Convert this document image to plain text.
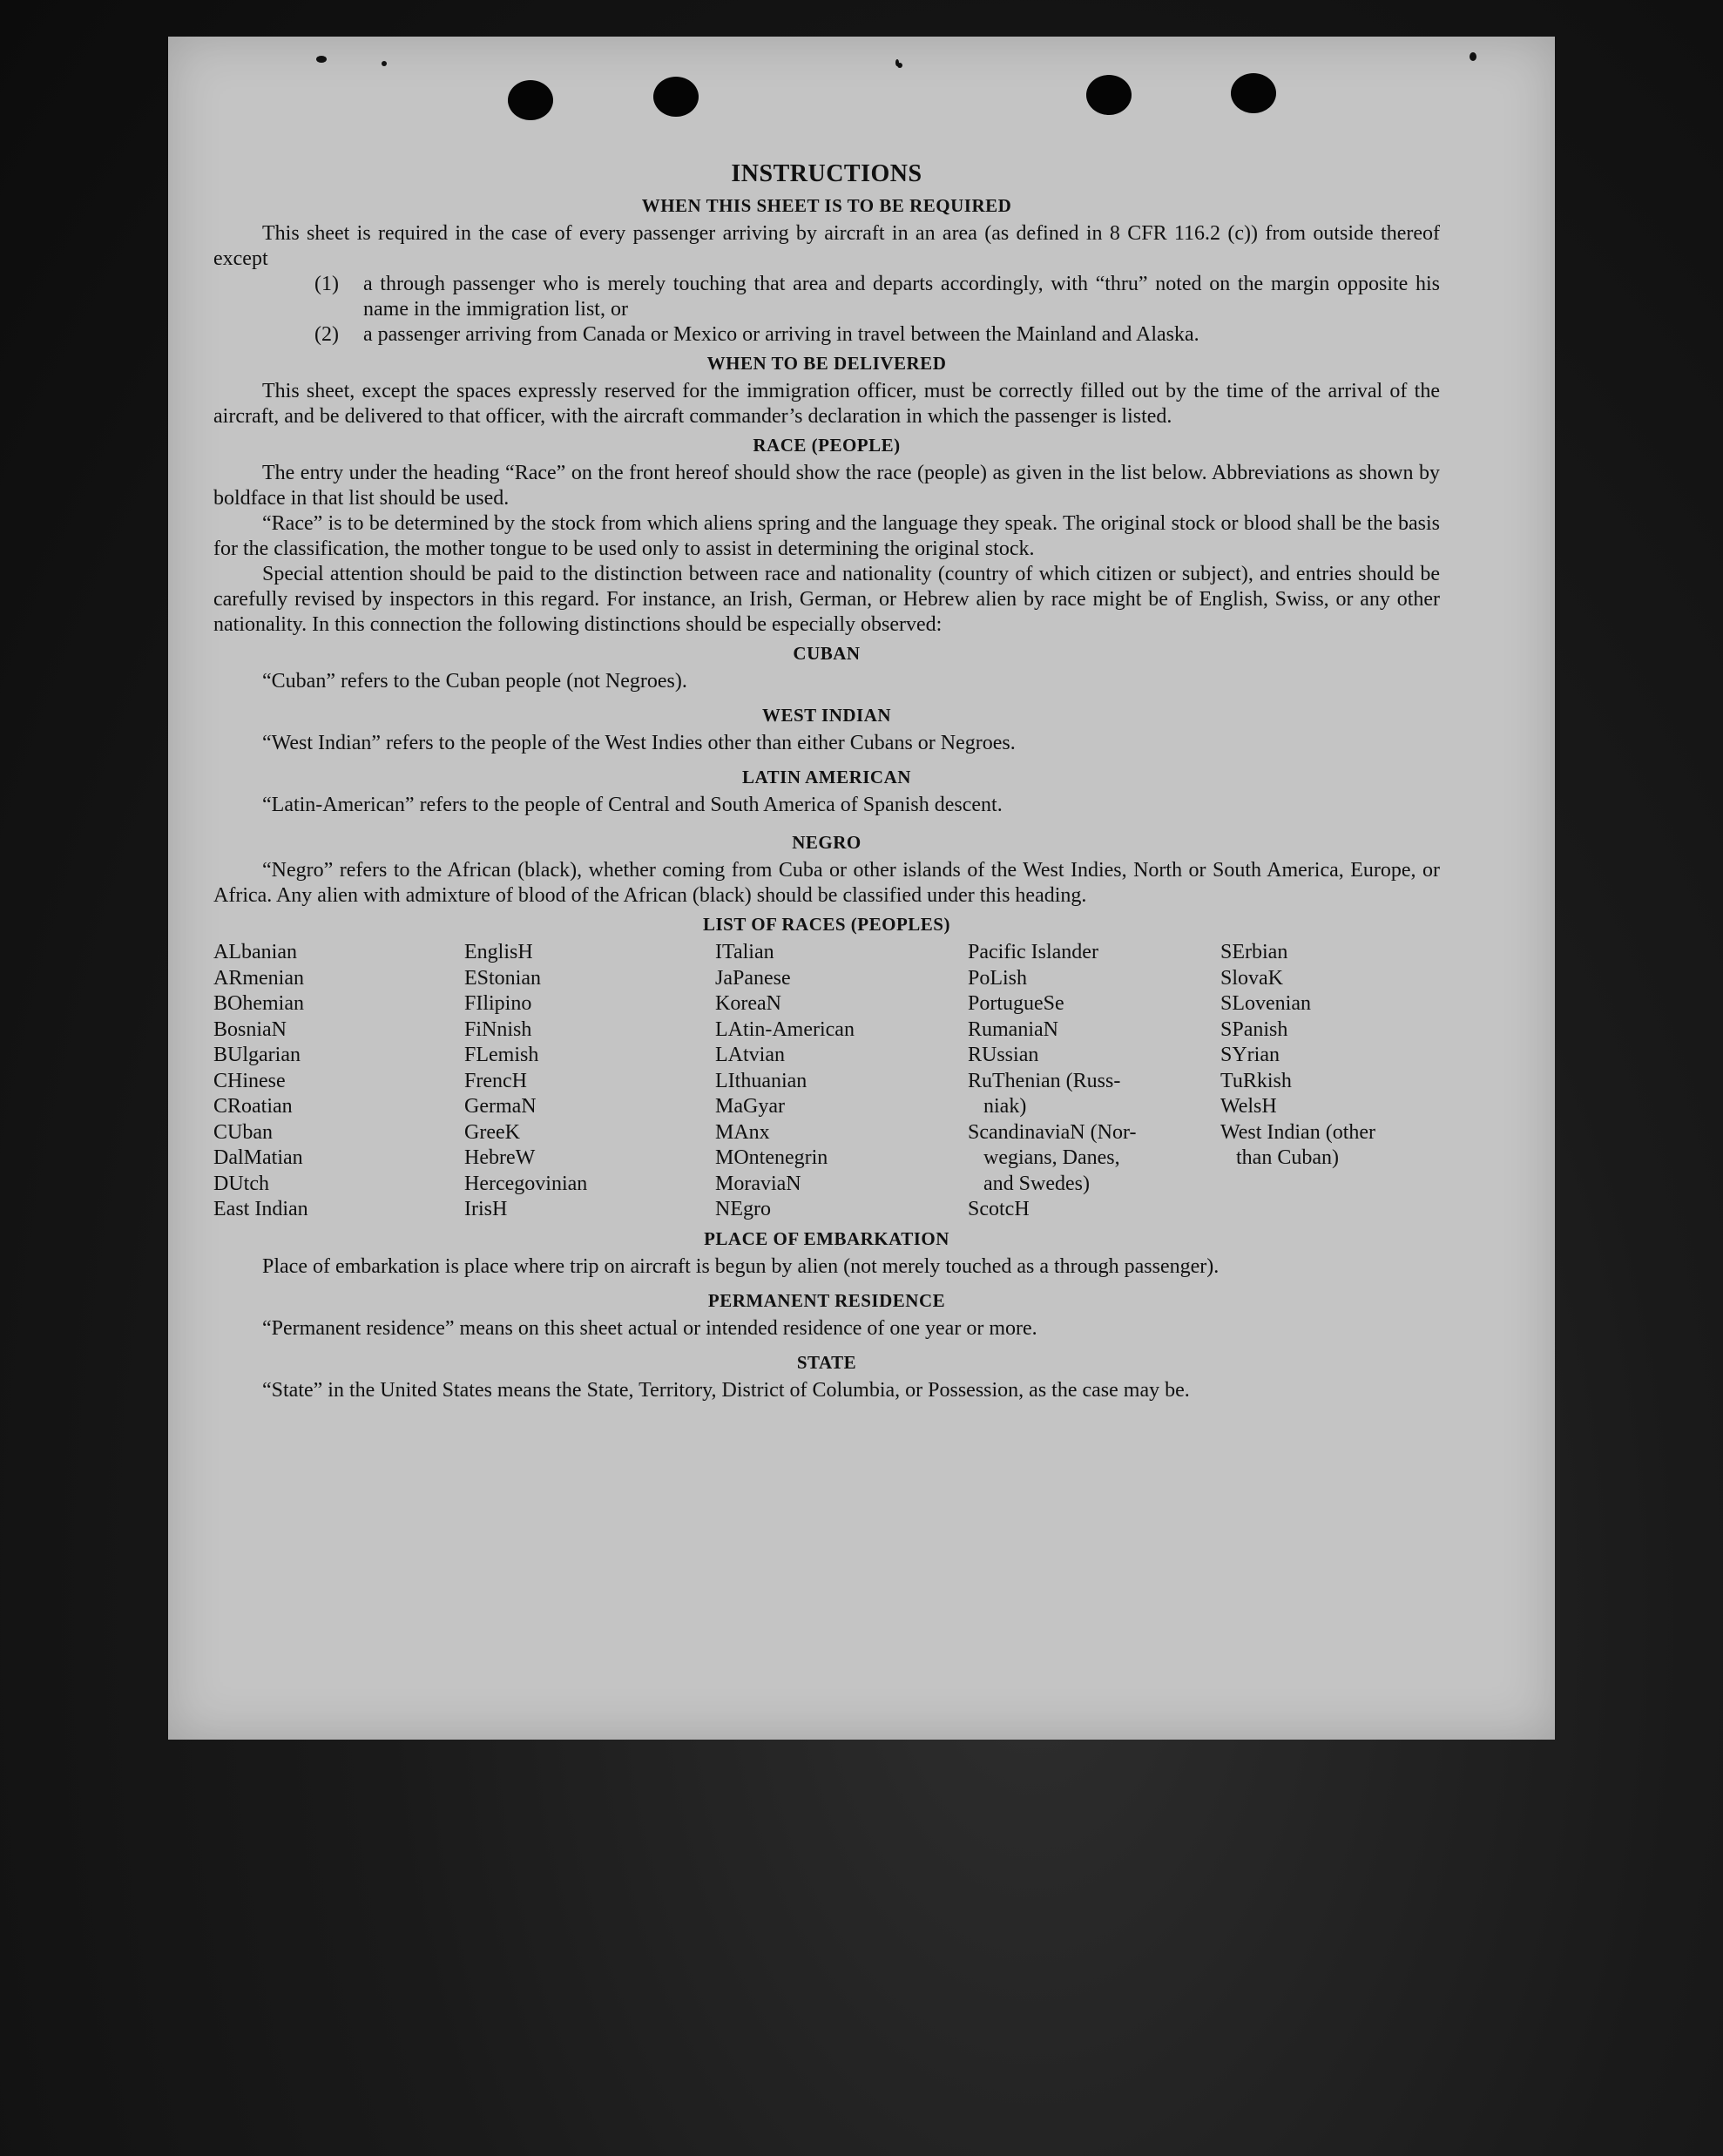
INSTRUCTIONS
WHEN THIS SHEET IS TO BE REQUIRED

This sheet is required in the case of every passenger arriving by aircraft in an area (as defined in 8 CFR 116.2 (c)) from outside thereof except

(1)	a through passenger who is merely touching that area and departs accordingly, with “thru” noted on the margin opposite his name in the immigration list, or
(2)	a passenger arriving from Canada or Mexico or arriving in travel between the Mainland and Alaska.
WHEN TO BE DELIVERED

This sheet, except the spaces expressly reserved for the immigration officer, must be correctly filled out by the time of the arrival of the aircraft, and be delivered to that officer, with the aircraft commander’s declaration in which the passenger is listed.

RACE (PEOPLE)

The entry under the heading “Race” on the front hereof should show the race (people) as given in the list below. Abbreviations as shown by boldface in that list should be used.

“Race” is to be determined by the stock from which aliens spring and the language they speak. The original stock or blood shall be the basis for the classification, the mother tongue to be used only to assist in determining the original stock.

Special attention should be paid to the distinction between race and nationality (country of which citizen or subject), and entries should be carefully revised by inspectors in this regard. For instance, an Irish, German, or Hebrew alien by race might be of English, Swiss, or any other nationality. In this connection the following distinctions should be especially observed:

CUBAN

“Cuban” refers to the Cuban people (not Negroes).

WEST INDIAN

“West Indian” refers to the people of the West Indies other than either Cubans or Negroes.

LATIN AMERICAN

“Latin-American” refers to the people of Central and South America of Spanish descent.

NEGRO

“Negro” refers to the African (black), whether coming from Cuba or other islands of the West Indies, North or South America, Europe, or Africa. Any alien with admixture of blood of the African (black) should be classified under this heading.

LIST OF RACES (PEOPLES)
ALbanian
ARmenian
BOhemian
BosniaN
BUlgarian
CHinese
CRoatian
CUban
DalMatian
DUtch
East Indian
EnglisH
EStonian
FIlipino
FiNnish
FLemish
FrencH
GermaN
GreeK
HebreW
Hercegovinian
IrisH
ITalian
JaPanese
KoreaN
LAtin-American
LAtvian
LIthuanian
MaGyar
MAnx
MOntenegrin
MoraviaN
NEgro
Pacific Islander
PoLish
PortugueSe
RumaniaN
RUssian
RuThenian (Russ-
niak)
ScandinaviaN (Nor-
wegians, Danes,
and Swedes)
ScotcH
SErbian
SlovaK
SLovenian
SPanish
SYrian
TuRkish
WelsH
West Indian (other
than Cuban)
PLACE OF EMBARKATION

Place of embarkation is place where trip on aircraft is begun by alien (not merely touched as a through passenger).

PERMANENT RESIDENCE

“Permanent residence” means on this sheet actual or intended residence of one year or more.

STATE

“State” in the United States means the State, Territory, District of Columbia, or Possession, as the case may be.
